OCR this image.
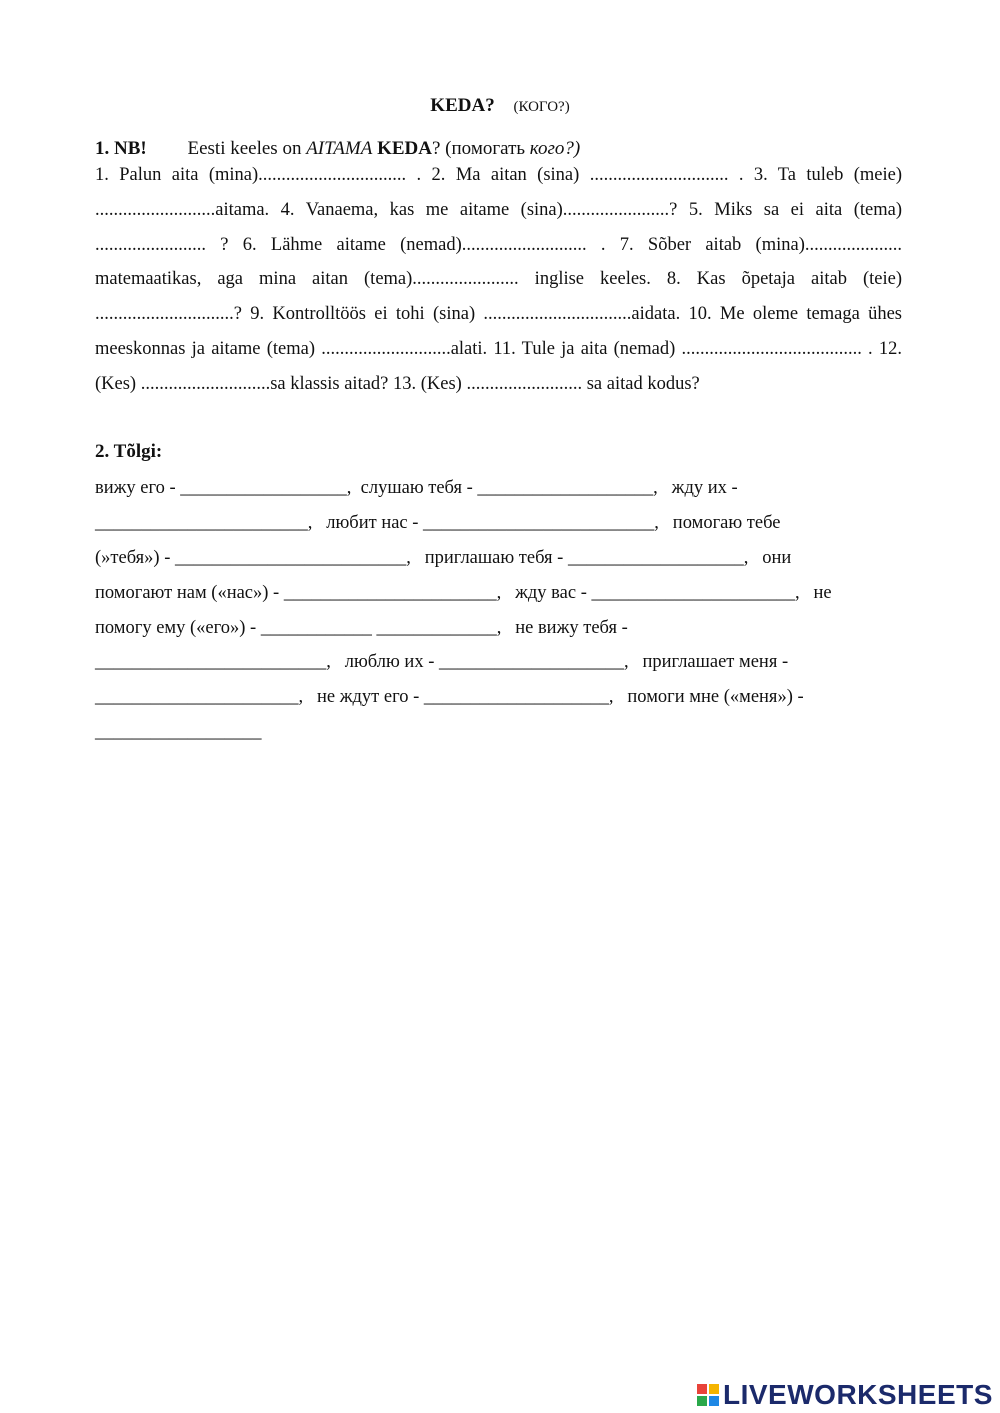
KEDA? (КОГО?)
1. NB! Eesti keeles on AITAMA KEDA? (помогать кого?)
1. Palun aita (mina)................................ . 2. Ma aitan (sina) .............................. . 3. Ta tuleb (meie) ..........................aitama. 4. Vanaema, kas me aitame (sina).......................? 5. Miks sa ei aita (tema) ........................ ? 6. Lähme aitame (nemad)........................... . 7. Sõber aitab (mina)..................... matemaatikas, aga mina aitan (tema)....................... inglise keeles. 8. Kas õpetaja aitab (teie) ..............................? 9. Kontrolltöös ei tohi (sina) ................................aidata. 10. Me oleme temaga ühes meeskonnas ja aitame (tema) ............................alati. 11. Tule ja aita (nemad) ....................................... . 12.(Kes) ............................sa klassis aitad? 13. (Kes) ......................... sa aitad kodus?
2. Tõlgi:
вижу его - __________________,  слушаю тебя - ___________________,   жду их -
_______________________,   любит нас - _________________________,   помогаю тебе
(»тебя») - _________________________,   приглашаю тебя - ___________________,   они
помогают нам («нас») - _______________________,   жду вас - ______________________,   не
помогу ему («его») - ____________ _____________,   не вижу тебя -
_________________________,   люблю их - ____________________,   приглашает меня -
______________________,   не ждут его - ____________________,   помоги мне («меня») -
__________________
LIVEWORKSHEETS
